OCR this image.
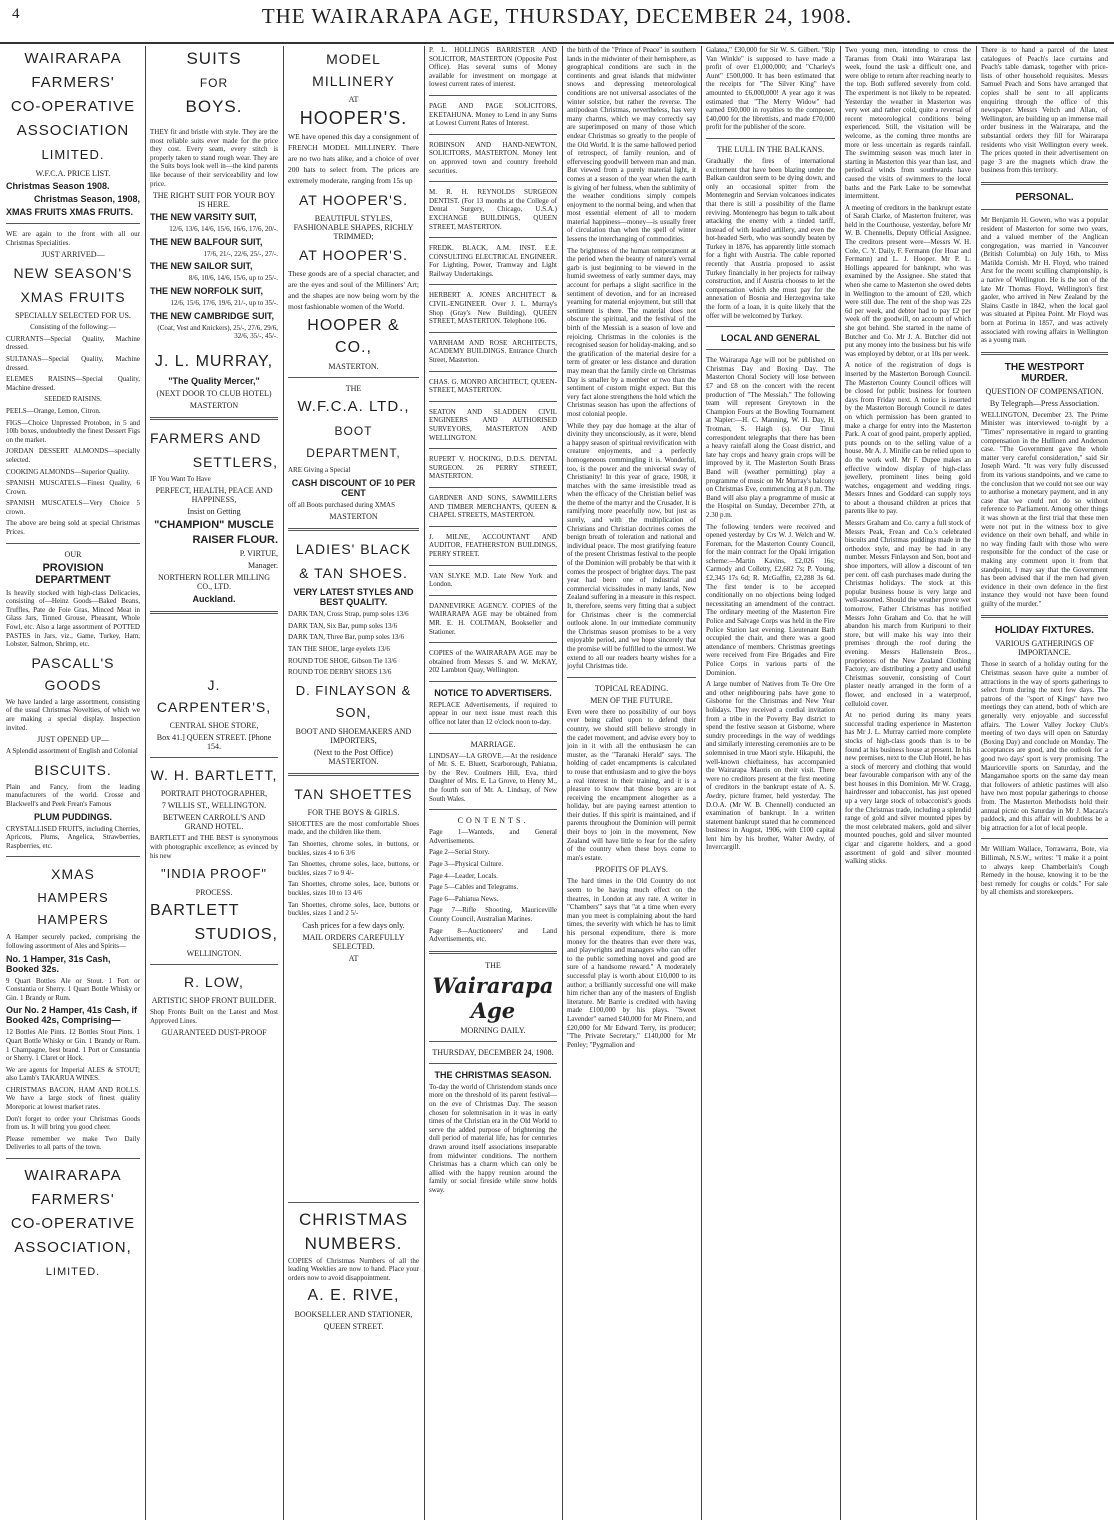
4	THE WAIRARAPA AGE, THURSDAY, DECEMBER 24, 1908.
WAIRARAPA
FARMERS'
CO-OPERATIVE
ASSOCIATION
LIMITED.
W.F.C.A. PRICE LIST.
Christmas Season 1908.
Christmas Season, 1908,
XMAS FRUITS XMAS FRUITS.

WE are again to the front with all our Christmas Specialities.

JUST ARRIVED—
NEW SEASON'S
XMAS FRUITS
SPECIALLY SELECTED FOR US.

Consisting of the following:—

CURRANTS—Special Quality, Machine dressed.

SULTANAS—Special Quality, Machine dressed.

ELEMES RAISINS—Special Quality, Machine dressed.

SEEDED RAISINS.

PEELS—Orange, Lemon, Citron.

FIGS—Choice Unpressed Protobon, in 5 and 10lb boxes, undoubtedly the finest Dessert Figs on the market.

JORDAN DESSERT ALMONDS—specially selected.

COOKING ALMONDS—Superior Quality.

SPANISH MUSCATELS—Finest Quality, 6 Crown.

SPANISH MUSCATELS—Very Choice 5 crown.

The above are being sold at special Christmas Prices.

OUR
PROVISION DEPARTMENT

Is heavily stocked with high-class Delicacies, consisting of—Heinz Goods—Baked Beans, Truffles, Pate de Foie Gras, Minced Meat in Glass Jars, Tinned Grouse, Pheasant, Whole Fowl, etc. Also a large assortment of POTTED PASTES in Jars, viz., Game, Turkey, Ham, Lobster, Salmon, Shrimp, etc.

PASCALL'S GOODS

We have landed a large assortment, consisting of the usual Christmas Novelties, of which we are making a special display. Inspection invited.

JUST OPENED UP—

A Splendid assortment of English and Colonial

BISCUITS.

Plain and Fancy, from the leading manufacturers of the world. Crosse and Blackwell's and Peek Frean's Famous

PLUM PUDDINGS.

CRYSTALLISED FRUITS, including Cherries, Apricots, Plums, Angelica, Strawberries, Raspberries, etc.

XMAS
HAMPERS HAMPERS

A Hamper securely packed, comprising the following assortment of Ales and Spirits—

No. 1 Hamper, 31s Cash, Booked 32s.

9 Quart Bottles Ale or Stout. 1 Fort or Constantia or Sherry. 1 Quart Bottle Whisky or Gin. 1 Brandy or Rum.

Our No. 2 Hamper, 41s Cash, if Booked 42s, Comprising—

12 Bottles Ale Pints. 12 Bottles Stout Pints. 1 Quart Bottle Whisky or Gin. 1 Brandy or Rum. 1 Champagne, best brand. 1 Port or Constantia or Sherry. 1 Claret or Hock.

We are agents for Imperial ALES & STOUT; also Lamb's TAKARUA WINES.

CHRISTMAS BACON, HAM AND ROLLS. We have a large stock of finest quality Moreporic at lowest market rates.

Don't forget to order your Christmas Goods from us. It will bring you good cheer.

Please remember we make Two Daily Deliveries to all parts of the town.

WAIRARAPA
FARMERS'
CO-OPERATIVE
ASSOCIATION,
LIMITED.
SUITS
FOR
BOYS.

THEY fit and bristle with style. They are the most reliable suits ever made for the price they cost. Every seam, every stitch is properly taken to stand rough wear. They are the Suits boys look well in—the kind parents like because of their serviceability and low price.

THE RIGHT SUIT FOR YOUR BOY IS HERE.
THE NEW VARSITY SUIT,

12/6, 13/6, 14/6, 15/6, 16/6, 17/6, 20/-.

THE NEW BALFOUR SUIT,

17/6, 21/-, 22/6, 25/-, 27/-.

THE NEW SAILOR SUIT,

8/6, 10/6, 14/6, 15/6, up to 25/-.

THE NEW NORFOLK SUIT,

12/6, 15/6, 17/6, 19/6, 21/-, up to 35/-.

THE NEW CAMBRIDGE SUIT,

(Coat, Vest and Knickers), 25/-, 27/6, 29/6, 32/6, 35/-, 45/-.

J. L. MURRAY,
"The Quality Mercer,"
(NEXT DOOR TO CLUB HOTEL)
MASTERTON
FARMERS AND
SETTLERS,

IF You Want To Have

PERFECT, HEALTH, PEACE AND HAPPINESS,
Insist on Getting
"CHAMPION" MUSCLE
RAISER FLOUR.
P. VIRTUE,
Manager.
NORTHERN ROLLER MILLING CO., LTD.
Auckland.
J. CARPENTER'S,
CENTRAL SHOE STORE,
Box 41.] QUEEN STREET. [Phone 154.
W. H. BARTLETT,
PORTRAIT PHOTOGRAPHER,
7 WILLIS ST., WELLINGTON.
BETWEEN CARROLL'S AND GRAND HOTEL.

BARTLETT and THE BEST is synonymous with photographic excellence; as evinced by his new

"INDIA PROOF"
PROCESS.
BARTLETT
STUDIOS,
WELLINGTON.
R. LOW,
ARTISTIC SHOP FRONT BUILDER.

Shop Fronts Built on the Latest and Most Approved Lines.

GUARANTEED DUST-PROOF
MODEL MILLINERY
AT
HOOPER'S.

WE have opened this day a consignment of FRENCH MODEL MILLINERY. There are no two hats alike, and a choice of over 200 hats to select from. The prices are extremely moderate, ranging from 15s up

AT HOOPER'S.
BEAUTIFUL STYLES, FASHIONABLE SHAPES, RICHLY TRIMMED;
AT HOOPER'S.

These goods are of a special character, and are the eyes and soul of the Milliners' Art; and the shapes are now being worn by the most fashionable women of the World.

HOOPER & CO.,
MASTERTON.
THE
W.F.C.A. LTD.,
BOOT DEPARTMENT,

ARE Giving a Special

CASH DISCOUNT OF 10 PER CENT

off all Boots purchased during XMAS

MASTERTON
LADIES' BLACK
& TAN SHOES.
VERY LATEST STYLES AND BEST QUALITY.

DARK TAN, Cross Strap, pump soles 13/6

DARK TAN, Six Bar, pump soles 13/6

DARK TAN, Three Bar, pump soles 13/6

TAN THE SHOE, large eyelets 13/6

ROUND TOE SHOE, Gibson Tie 13/6

ROUND TOE DERBY SHOES 13/6

D. FINLAYSON & SON,
BOOT AND SHOEMAKERS AND IMPORTERS,
(Next to the Post Office) MASTERTON.
TAN SHOETTES
FOR THE BOYS & GIRLS.

SHOETTES are the most comfortable Shoes made, and the children like them.

Tan Shoettes, chrome soles, in buttons, or buckles, sizes 4 to 6 3/6

Tan Shoettes, chrome soles, lace, buttons, or buckles, sizes 7 to 9 4/-

Tan Shoettes, chrome soles, lace, buttons or buckles, sizes 10 to 13 4/6

Tan Shoettes, chrome soles, lace, buttons or buckles, sizes 1 and 2 5/-

Cash prices for a few days only.
MAIL ORDERS CAREFULLY SELECTED.
AT
CHRISTMAS
NUMBERS.

COPIES of Christmas Numbers of all the leading Weeklies are now to hand. Place your orders now to avoid disappointment.

A. E. RIVE,
BOOKSELLER AND STATIONER,
QUEEN STREET.

P. L. HOLLINGS BARRISTER AND SOLICITOR, MASTERTON (Opposite Post Office). Has several sums of Money available for investment on mortgage at lowest current rates of interest.

PAGE AND PAGE SOLICITORS, EKETAHUNA. Money to Lend in any Sums at Lowest Current Rates of Interest.

ROBINSON AND HAND-NEWTON, SOLICITORS, MASTERTON. Money lent on approved town and country freehold securities.

M. R. H. REYNOLDS SURGEON DENTIST. (For 13 months at the College of Dental Surgery, Chicago, U.S.A.) EXCHANGE BUILDINGS, QUEEN STREET, MASTERTON.

FREDK. BLACK, A.M. INST. E.E. CONSULTING ELECTRICAL ENGINEER. For Lighting, Power, Tramway and Light Railway Undertakings.

HERBERT A. JONES ARCHITECT & CIVIL-ENGINEER. Over J. L. Murray's Shop (Gray's New Building), QUEEN STREET, MASTERTON. Telephone 106.

VARNHAM AND ROSE ARCHITECTS, ACADEMY BUILDINGS. Entrance Church Street, Masterton.

CHAS. G. MONRO ARCHITECT, QUEEN-STREET, MASTERTON.

SEATON AND SLADDEN CIVIL ENGINEERS AND AUTHORISED SURVEYORS, MASTERTON AND WELLINGTON.

RUPERT V. HOCKING, D.D.S. DENTAL SURGEON. 26 PERRY STREET, MASTERTON.

GARDNER AND SONS, SAWMILLERS AND TIMBER MERCHANTS, QUEEN & CHAPEL STREETS, MASTERTON.

J. MILNE, ACCOUNTANT AND AUDITOR, FEATHERSTON BUILDINGS, PERRY STREET.

VAN SLYKE M.D. Late New York and London.

DANNEVIRKE AGENCY. COPIES of the WAIRARAPA AGE may be obtained from MR. E. H. COLTMAN, Bookseller and Stationer.

COPIES of the WAIRARAPA AGE may be obtained from Messrs S. and W. McKAY, 202 Lambton Quay, Wellington.

NOTICE TO ADVERTISERS.

REPLACE Advertisements, if required to appear in our next issue must reach this office not later than 12 o'clock noon to-day.

MARRIAGE.

LINDSAY—LA GROVE.—At the residence of Mr. S. E. Bluett, Scarborough, Pahiatua, by the Rev. Coulmers Hill, Eva, third Daughter of Mrs. E. La Grove, to Henry M., the fourth son of Mr. A. Lindsay, of New South Wales.

CONTENTS.

Page 1—Wanteds, and General Advertisements.

Page 2—Serial Story.

Page 3—Physical Culture.

Page 4—Leader, Locals.

Page 5—Cables and Telegrams.

Page 6—Pahiatua News.

Page 7—Rifle Shooting, Mauriceville County Council, Australian Marines.

Page 8—Auctioneers' and Land Advertisements, etc.

THE
Wairarapa Age
MORNING DAILY.
THURSDAY, DECEMBER 24, 1908.
THE CHRISTMAS SEASON.

To-day the world of Christendom stands once more on the threshold of its parent festival—on the eve of Christmas Day. The season chosen for solemnisation in it was in early times of the Christian era in the Old World to serve the added purpose of brightening the dull period of material life, has for centuries drawn around itself associations inseparable from midwinter conditions. The northern Christmas has a charm which can only be allied with the happy reunion around the family or social fireside while snow holds sway.

the birth of the "Prince of Peace" in southern lands in the midwinter of their hemisphere, as geographical conditions are such in the continents and great islands that midwinter snows and depressing meteorological conditions are not universal associates of the winter solstice, but rather the reverse. The antipodean Christmas, nevertheless, has very many charms, which we may correctly say are superimposed on many of those which endear Christmas so greatly to the people of the Old World. It is the same hallowed period of retrospect, of family reunion, and of effervescing goodwill between man and man. But viewed from a purely material light, it comes at a season of the year when the earth is giving of her fulness, when the sublimity of the weather conditions simply compels enjoyment to the normal being, and when that most essential element of all to modern material happiness—money—is usually freer of circulation than when the spell of winter lessens the interchanging of commodities.

The brightness of the human temperament at the period when the beauty of nature's vernal garb is just beginning to be viewed in the humid sweetness of early summer days, may account for perhaps a slight sacrifice in the sentiment of devotion, and for an increased yearning for material enjoyment, but still that sentiment is there. The material does not obscure the spiritual, and the festival of the birth of the Messiah is a season of love and rejoicing. Christmas in the colonies is the recognised season for holiday-making, and so the gratification of the material desire for a term of greater or less distance and duration may mean that the family circle on Christmas Day is smaller by a member or two than the sentiment of custom might expect. But this very fact alone strengthens the hold which the Christmas season has upon the affections of most colonial people.

While they pay due homage at the altar of divinity they unconsciously, as it were, blend a happy season of spiritual revivification with creature enjoyments, and a perfectly homogeneous commingling it is. Wonderful, too, is the power and the universal sway of Christianity! In this year of grace, 1908, it matches with the same irresistible tread as when the efficacy of the Christian belief was the theme of the martyr and the Crusader. It is ramifying more peacefully now, but just as surely, and with the multiplication of Christians and Christian doctrines comes the benign breath of toleration and national and individual peace. The most gratifying feature of the present Christmas festival to the people of the Dominion will probably be that with it comes the prospect of brighter days. The past year had been one of industrial and commercial vicissitudes in many lands, New Zealand suffering in a measure in this respect. It, therefore, seems very fitting that a subject for Christmas cheer is the commercial outlook alone. In our immediate community the Christmas season promises to be a very enjoyable period, and we hope sincerely that the promise will be fulfilled to the utmost. We extend to all our readers hearty wishes for a joyful Christmas tide.

TOPICAL READING.
MEN OF THE FUTURE.

Even were there no possibility of our boys ever being called upon to defend their country, we should still believe strongly in the cadet movement, and advise every boy to join in it with all the enthusiasm he can muster, as the "Taranaki Herald" says. The holding of cadet encampments is calculated to rouse that enthusiasm and to give the boys a real interest in their training, and it is a pleasure to know that those boys are not receiving the encampment altogether as a holiday, but are paying earnest attention to their duties. If this spirit is maintained, and if parents throughout the Dominion will permit their boys to join in the movement, New Zealand will have little to fear for the safety of the country when these boys come to man's estate.

PROFITS OF PLAYS.

The hard times in the Old Country do not seem to be having much effect on the theatres, in London at any rate. A writer in "Chambers'" says that "at a time when every man you meet is complaining about the hard times, the severity with which he has to limit his personal expenditure, there is more money for the theatres than ever there was, and playwrights and managers who can offer to the public something novel and good are sure of a handsome reward." A moderately successful play is worth about £10,000 to its author; a brilliantly successful one will make him richer than any of the masters of English literature. Mr Barrie is credited with having made £100,000 by his plays. "Sweet Lavender" earned £40,000 for Mr Pinero, and £20,000 for Mr Edward Terry, its producer; "The Private Secretary," £140,000 for Mr Penley; "Pygmalion and

Galatea," £30,000 for Sir W. S. Gilbert. "Rip Van Winkle" is supposed to have made a profit of over £1,000,000; and "Charley's Aunt" £500,000. It has been estimated that the receipts for "The Silver King" have amounted to £6,000,000! A year ago it was estimated that "The Merry Widow" had earned £60,000 in royalties to the composer, £40,000 for the librettists, and made £70,000 profit for the publisher of the score.

THE LULL IN THE BALKANS.

Gradually the fires of international excitement that have been blazing under the Balkan cauldron seem to be dying down, and only an occasional spitter from the Montenegrin and Servian volcanoes indicates that there is still a possibility of the flame reviving. Montenegro has begun to talk about attacking the enemy with a tinded tariff, instead of with loaded artillery, and even the hot-headed Serb, who was soundly beaten by Turkey in 1876, has apparently little stomach for a fight with Austria. The cable reported recently that Austria proposed to assist Turkey financially in her projects for railway construction, and if Austria chooses to let the compensation which she must pay for the annexation of Bosnia and Herzegovina take the form of a loan, it is quite likely that the offer will be welcomed by Turkey.

LOCAL AND GENERAL

The Wairarapa Age will not be published on Christmas Day and Boxing Day. The Masterton Choral Society will lose between £7 and £8 on the concert with the recent production of "The Messiah." The following team will represent Greytown in the Champion Fours at the Bowling Tournament at Napier:—H. C. Manning, W. H. Day, H. Trotman, S. Haigh (s). Our Tinui correspondent telegraphs that there has been a heavy rainfall along the Coast district, and late hay crops and heavy grain crops will be improved by it. The Masterton South Brass Band will (weather permitting) play a programme of music on Mr Murray's balcony on Christmas Eve, commencing at 8 p.m. The Band will also play a programme of music at the Hospital on Sunday, December 27th, at 2.30 p.m.

The following tenders were received and opened yesterday by Crs W. J. Welch and W. Foreman, for the Masterton County Council, for the main contract for the Opaki irrigation scheme:—Martin Kavins, £2,026 16s; Carmody and Colletty, £2,682 7s; P. Young, £2,345 17s 6d; R. McGaffin, £2,288 3s 6d. The first tender is to be accepted conditionally on no objections being lodged necessitating an amendment of the contract. The ordinary meeting of the Masterton Fire Police and Salvage Corps was held in the Fire Police Station last evening. Lieutenant Bath occupied the chair, and there was a good attendance of members. Christmas greetings were received from Fire Brigades and Fire Police Corps in various parts of the Dominion.

A large number of Natives from Te Ore Ore and other neighbouring pahs have gone to Gisborne for the Christmas and New Year holidays. They received a cordial invitation from a tribe in the Poverty Bay district to spend the festive season at Gisborne, where sundry proceedings in the way of weddings and similarly interesting ceremonies are to be solemnised in true Maori style. Hikapuhi, the well-known chieftainess, has accompanied the Wairarapa Maoris on their visit. There were no creditors present at the first meeting of creditors in the bankrupt estate of A. S. Awdry, picture framer, held yesterday. The D.O.A. (Mr W. B. Chennell) conducted an examination of bankrupt. In a written statement bankrupt stated that he commenced business in August, 1906, with £100 capital lent him by his brother, Walter Awdry, of Invercargill.

Two young men, intending to cross the Tararuas from Otaki into Wairarapa last week, found the task a difficult one, and were oblige to return after reaching nearly to the top. Both suffered severely from cold. The experiment is not likely to be repeated. Yesterday the weather in Masterton was very wet and rather cold, quite a reversal of recent meteorological conditions being experienced. Still, the visitation will be welcome, as the coming three months are more or less uncertain as regards rainfall. The swimming season was much later in starting in Masterton this year than last, and periodical winds from southwards have caused the visits of swimmers to the local baths and the Park Lake to be somewhat intermittent.

A meeting of creditors in the bankrupt estate of Sarah Clarke, of Masterton fruiterer, was held in the Courthouse, yesterday, before Mr W. B. Chennells, Deputy Official Assignee. The creditors present were—Messrs W. H. Cole, C. Y. Daily, F. Fermann (for Hoar and Fermann) and L. J. Hooper. Mr P. L. Hollings appeared for bankrupt, who was examined by the Assignee. She stated that when she came to Masterton she owed debts in Wellington to the amount of £20, which were still due. The rent of the shop was 22s 6d per week, and debtor had to pay £2 per week off the goodwill, on account of which she got behind. She started in the name of Butcher and Co. Mr J. A. Butcher did not put any money into the business but his wife was employed by debtor, or at 10s per week.

A notice of the registration of dogs is inserted by the Masterton Borough Council. The Masterton County Council offices will be closed for public business for fourteen days from Friday next. A notice is inserted by the Masterton Borough Council re dates on which permission has been granted to make a charge for entry into the Masterton Park. A coat of good paint, properly applied, puts pounds on to the selling value of a house. Mr A. J. Minifie can be relied upon to do the work well. Mr F. Dupee makes an effective window display of high-class jewellery, prominent lines being gold watches, engagement and wedding rings. Messrs Innes and Goddard can supply toys to about a thousand children at prices that parents like to pay.

Messrs Graham and Co. carry a full stock of Messrs Peak, Frean and Co.'s celebrated biscuits and Christmas puddings made in the orthodox style, and may be had in any number. Messrs Finlayson and Son, boot and shoe importers, will allow a discount of ten per cent. off cash purchases made during the Christmas holidays. The stock at this popular business house is very large and well-assorted. Should the weather prove wet tomorrow, Father Christmas has notified Messrs John Graham and Co. that he will abandon his march from Kuripuni to their store, but will make his way into their premises through the roof during the evening. Messrs Hallenstein Bros., proprietors of the New Zealand Clothing Factory, are distributing a pretty and useful Christmas souvenir, consisting of Court plaster neatly arranged in the form of a flower, and enclosed in a waterproof, celluloid cover.

At no period during its many years successful trading experience in Masterton has Mr J. L. Murray carried more complete stocks of high-class goods than is to be found at his business house at present. In his new premises, next to the Club Hotel, he has a stock of mercery and clothing that would bear favourable comparison with any of the best houses in this Dominion. Mr W. Cragg, hairdresser and tobacconist, has just opened up a very large stock of tobacconist's goods for the Christmas trade, including a splendid range of gold and silver mounted pipes by the most celebrated makers, gold and silver mounted pouches, gold and silver mounted cigar and cigarette holders, and a good assortment of gold and silver mounted walking sticks.

There is to hand a parcel of the latest catalogues of Peach's lace curtains and Peach's table damask, together with price-lists of other household requisites. Messrs Samuel Peach and Sons have arranged that copies shall be sent to all applicants enquiring through the office of this newspaper. Messrs Veitch and Allan, of Wellington, are building up an immense mail order business in the Wairarapa, and the substantial orders they fill for Wairarapa residents who visit Wellington every week. The prices quoted in their advertisement on page 3 are the magnets which draw the business from this territory.

PERSONAL.

Mr Benjamin H. Gowen, who was a popular resident of Masterton for some two years, and a valued member of the Anglican congregation, was married in Vancouver (British Columbia) on July 16th, to Miss Matilda Cornish. Mr H. Floyd, who trained Arst for the recent sculling championship, is a native of Wellington. He is the son of the late Mr Thomas Floyd, Wellington's first gaoler, who arrived in New Zealand by the Slains Castle in 1842, when the local gaol was situated at Pipitea Point. Mr Floyd was born at Porirua in 1857, and was actively associated with rowing affairs in Wellington as a young man.

THE WESTPORT MURDER.
QUESTION OF COMPENSATION.
By Telegraph—Press Association.

WELLINGTON, December 23. The Prime Minister was interviewed to-night by a "Times" representative in regard to granting compensation in the Hullinen and Anderson case. "The Government gave the whole matter very careful consideration," said Sir Joseph Ward. "It was very fully discussed from its various standpoints, and we came to the conclusion that we could not see our way to authorise a monetary payment, and in any case that we could not do so without reference to Parliament. Among other things it was shown at the first trial that these men were not put in the witness box to give evidence on their own behalf, and while in no way finding fault with those who were responsible for the conduct of the case or making any comment upon it from that standpoint, I may say that the Government has been advised that if the men had given evidence in their own defence in the first instance they would not have been found guilty of the murder."

HOLIDAY FIXTURES.
VARIOUS GATHERINGS OF IMPORTANCE.

Those in search of a holiday outing for the Christmas season have quite a number of attractions in the way of sports gatherings to select from during the next few days. The patrons of the "sport of Kings" have two meetings they can attend, both of which are generally very enjoyable and successful affairs. The Lower Valley Jockey Club's meeting of two days will open on Saturday (Boxing Day) and conclude on Monday. The acceptances are good, and the outlook for a good two days' sport is very promising. The Mauriceville sports on Saturday, and the Mangamahoe sports on the same day mean that followers of athletic pastimes will also have two most popular gatherings to choose from. The Masterton Methodists hold their annual picnic on Saturday in Mr J. Macara's paddock, and this affair will doubtless be a big attraction for a lot of local people.

Mr William Wallace, Torrawarra, Bote, via Billimah, N.S.W., writes: "I make it a point to always keep Chamberlain's Cough Remedy in the house, knowing it to be the best remedy for coughs or colds." For sale by all chemists and storekeepers.
